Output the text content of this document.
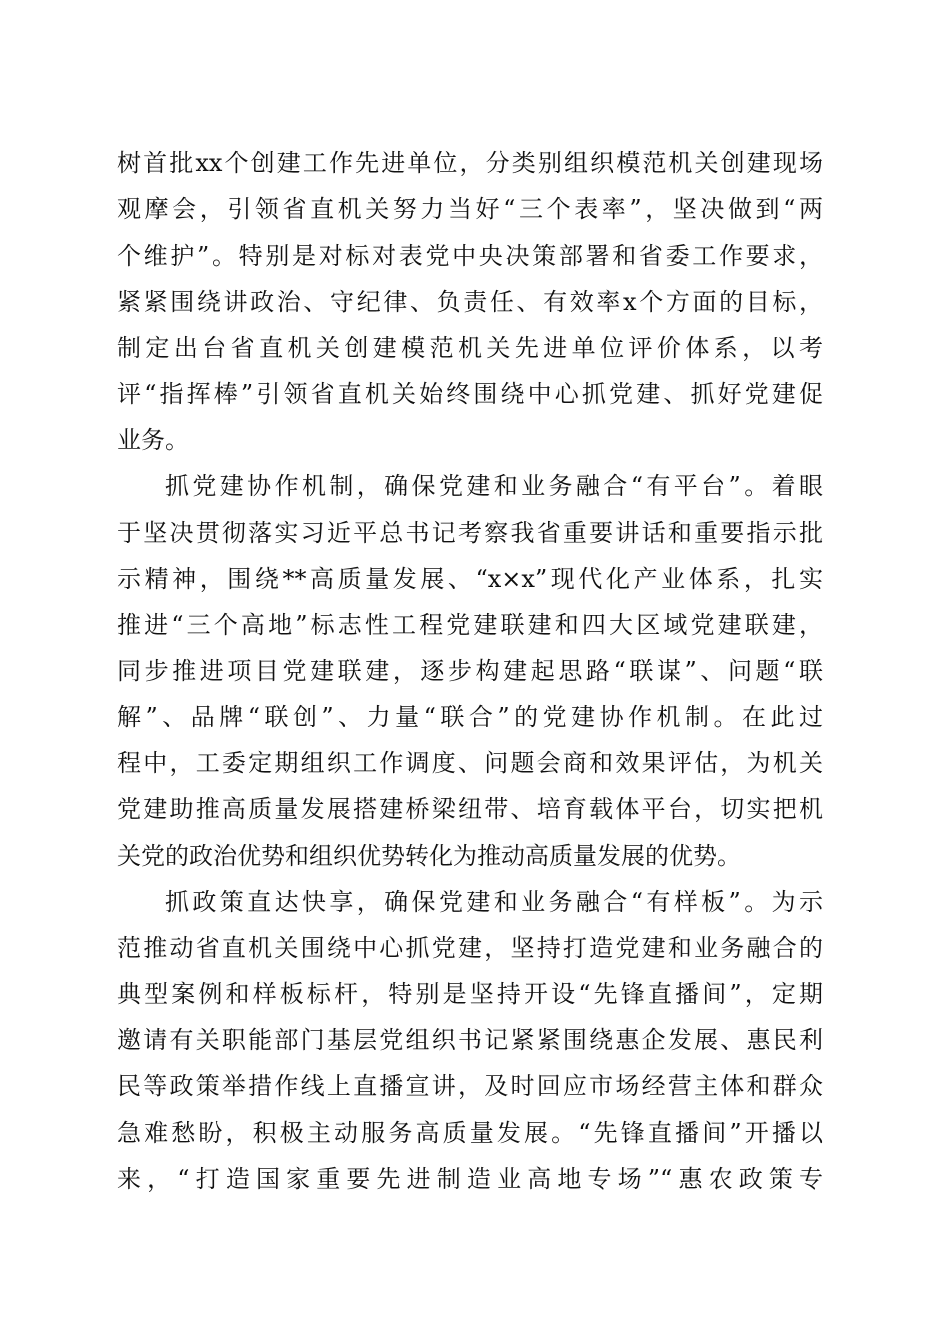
树首批xx个创建工作先进单位，分类别组织模范机关创建现场
观摩会，引领省直机关努力当好“三个表率”，坚决做到“两
个维护”。特别是对标对表党中央决策部署和省委工作要求，
紧紧围绕讲政治、守纪律、负责任、有效率x个方面的目标，
制定出台省直机关创建模范机关先进单位评价体系，以考
评“指挥棒”引领省直机关始终围绕中心抓党建、抓好党建促
业务。
抓党建协作机制，确保党建和业务融合“有平台”。着眼
于坚决贯彻落实习近平总书记考察我省重要讲话和重要指示批
示精神，围绕**高质量发展、“x×x”现代化产业体系，扎实
推进“三个高地”标志性工程党建联建和四大区域党建联建，
同步推进项目党建联建，逐步构建起思路“联谋”、问题“联
解”、品牌“联创”、力量“联合”的党建协作机制。在此过
程中，工委定期组织工作调度、问题会商和效果评估，为机关
党建助推高质量发展搭建桥梁纽带、培育载体平台，切实把机
关党的政治优势和组织优势转化为推动高质量发展的优势。
抓政策直达快享，确保党建和业务融合“有样板”。为示
范推动省直机关围绕中心抓党建，坚持打造党建和业务融合的
典型案例和样板标杆，特别是坚持开设“先锋直播间”，定期
邀请有关职能部门基层党组织书记紧紧围绕惠企发展、惠民利
民等政策举措作线上直播宣讲，及时回应市场经营主体和群众
急难愁盼，积极主动服务高质量发展。“先锋直播间”开播以
来，“打造国家重要先进制造业高地专场”“惠农政策专
